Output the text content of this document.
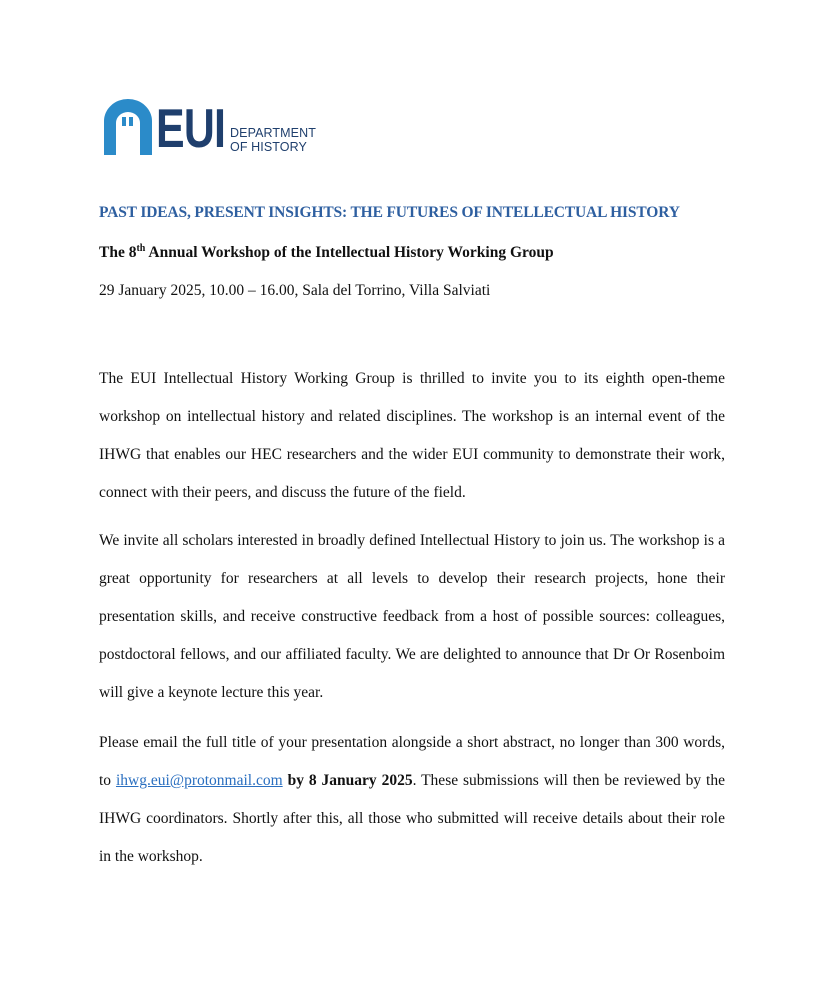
EUI DEPARTMENT
OF HISTORY
PAST IDEAS, PRESENT INSIGHTS: THE FUTURES OF INTELLECTUAL HISTORY
The 8th Annual Workshop of the Intellectual History Working Group
29 January 2025, 10.00 – 16.00, Sala del Torrino, Villa Salviati

The EUI Intellectual History Working Group is thrilled to invite you to its eighth open-theme workshop on intellectual history and related disciplines. The workshop is an internal event of the IHWG that enables our HEC researchers and the wider EUI community to demonstrate their work, connect with their peers, and discuss the future of the field.

We invite all scholars interested in broadly defined Intellectual History to join us. The workshop is a great opportunity for researchers at all levels to develop their research projects, hone their presentation skills, and receive constructive feedback from a host of possible sources: colleagues, postdoctoral fellows, and our affiliated faculty. We are delighted to announce that Dr Or Rosenboim will give a keynote lecture this year.

Please email the full title of your presentation alongside a short abstract, no longer than 300 words, to ihwg.eui@protonmail.com by 8 January 2025. These submissions will then be reviewed by the IHWG coordinators. Shortly after this, all those who submitted will receive details about their role in the workshop.
